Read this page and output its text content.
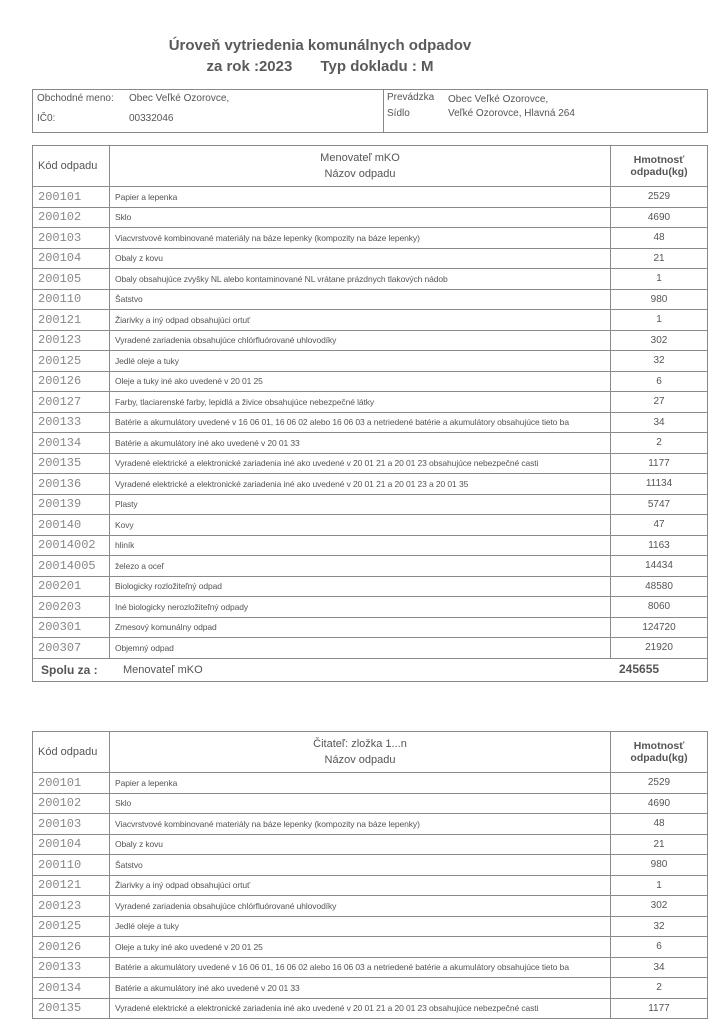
Úroveň vytriedenia komunálnych odpadov
za rok :2023 Typ dokladu : M
Obchodné meno: Obec Veľké Ozorovce,
IČ0:	00332046
Prevádzka Obec Veľké Ozorovce,
Sídlo	Veľké Ozorovce, Hlavná 264
Kód odpadu	
Menovateľ mKO
Názov odpadu

Hmotnosť
odpadu(kg)

200101	Papier a lepenka	2529
200102	Sklo	4690
200103	Viacvrstvové kombinované materiály na báze lepenky (kompozity na báze lepenky)	48
200104	Obaly z kovu	21
200105	Obaly obsahujúce zvyšky NL alebo kontaminované NL vrátane prázdnych tlakových nádob	1
200110	Šatstvo	980
200121	Žiarivky a iný odpad obsahujúci ortuť	1
200123	Vyradené zariadenia obsahujúce chlórfluórované uhlovodíky	302
200125	Jedlé oleje a tuky	32
200126	Oleje a tuky iné ako uvedené v 20 01 25	6
200127	Farby, tlaciarenské farby, lepidlá a živice obsahujúce nebezpečné látky	27
200133	Batérie a akumulátory uvedené v 16 06 01, 16 06 02 alebo 16 06 03 a netriedené batérie a akumulátory obsahujúce tieto ba	34
200134	Batérie a akumulátory iné ako uvedené v 20 01 33	2
200135	Vyradené elektrické a elektronické zariadenia iné ako uvedené v 20 01 21 a 20 01 23 obsahujúce nebezpečné casti	1177
200136	Vyradené elektrické a elektronické zariadenia iné ako uvedené v 20 01 21 a 20 01 23 a 20 01 35	11134
200139	Plasty	5747
200140	Kovy	47
20014002	hliník	1163
20014005	železo a oceľ	14434
200201	Biologicky rozložiteľný odpad	48580
200203	Iné biologicky nerozložiteľný odpady	8060
200301	Zmesový komunálny odpad	124720
200307	Objemný odpad	21920

Spolu za : Menovateľ mKO 245655		
Kód odpadu	
Čitateľ: zložka 1...n
Názov odpadu

Hmotnosť
odpadu(kg)

200101	Papier a lepenka	2529
200102	Sklo	4690
200103	Viacvrstvové kombinované materiály na báze lepenky (kompozity na báze lepenky)	48
200104	Obaly z kovu	21
200110	Šatstvo	980
200121	Žiarivky a iný odpad obsahujúci ortuť	1
200123	Vyradené zariadenia obsahujúce chlórfluórované uhlovodíky	302
200125	Jedlé oleje a tuky	32
200126	Oleje a tuky iné ako uvedené v 20 01 25	6
200133	Batérie a akumulátory uvedené v 16 06 01, 16 06 02 alebo 16 06 03 a netriedené batérie a akumulátory obsahujúce tieto ba	34
200134	Batérie a akumulátory iné ako uvedené v 20 01 33	2
200135	Vyradené elektrické a elektronické zariadenia iné ako uvedené v 20 01 21 a 20 01 23 obsahujúce nebezpečné casti	1177
